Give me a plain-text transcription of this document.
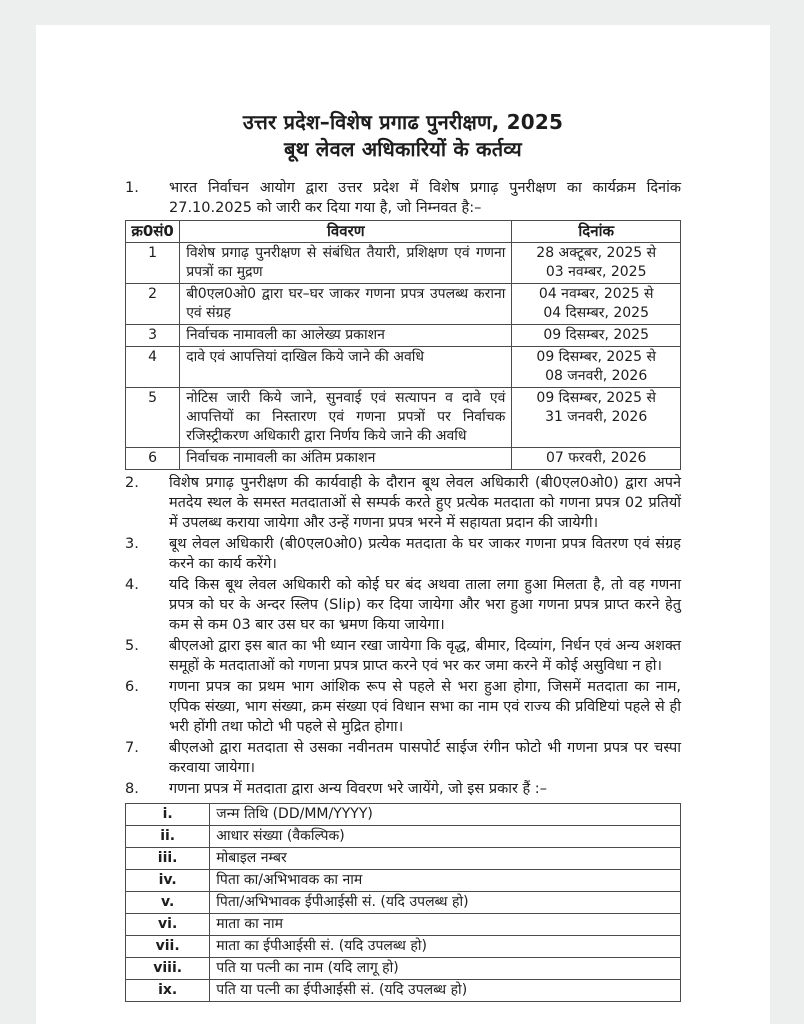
उत्तर प्रदेश–विशेष प्रगाढ पुनरीक्षण, 2025
बूथ लेवल अधिकारियों के कर्तव्य
1.	भारत निर्वाचन आयोग द्वारा उत्तर प्रदेश में विशेष प्रगाढ़ पुनरीक्षण का कार्यक्रम दिनांक 27.10.2025 को जारी कर दिया गया है, जो निम्नवत है:–
क्र0सं0	विवरण	दिनांक
1	विशेष प्रगाढ़ पुनरीक्षण से संबंधित तैयारी, प्रशिक्षण एवं गणना प्रपत्रों का मुद्रण	28 अक्टूबर, 2025 से
03 नवम्बर, 2025

2	बी0एल0ओ0 द्वारा घर–घर जाकर गणना प्रपत्र उपलब्ध कराना एवं संग्रह	04 नवम्बर, 2025 से
04 दिसम्बर, 2025

3	निर्वाचक नामावली का आलेख्य प्रकाशन	09 दिसम्बर, 2025

4	दावे एवं आपत्तियां दाखिल किये जाने की अवधि	09 दिसम्बर, 2025 से
08 जनवरी, 2026

5	नोटिस जारी किये जाने, सुनवाई एवं सत्यापन व दावे एवं आपत्तियों का निस्तारण एवं गणना प्रपत्रों पर निर्वाचक रजिस्ट्रीकरण अधिकारी द्वारा निर्णय किये जाने की अवधि	09 दिसम्बर, 2025 से
31 जनवरी, 2026

6	निर्वाचक नामावली का अंतिम प्रकाशन	07 फरवरी, 2026
2.	विशेष प्रगाढ़ पुनरीक्षण की कार्यवाही के दौरान बूथ लेवल अधिकारी (बी0एल0ओ0) द्वारा अपने मतदेय स्थल के समस्त मतदाताओं से सम्पर्क करते हुए प्रत्येक मतदाता को गणना प्रपत्र 02 प्रतियों में उपलब्ध कराया जायेगा और उन्हें गणना प्रपत्र भरने में सहायता प्रदान की जायेगी।
3.	बूथ लेवल अधिकारी (बी0एल0ओ0) प्रत्येक मतदाता के घर जाकर गणना प्रपत्र वितरण एवं संग्रह करने का कार्य करेंगे।
4.	यदि किस बूथ लेवल अधिकारी को कोई घर बंद अथवा ताला लगा हुआ मिलता है, तो वह गणना प्रपत्र को घर के अन्दर स्लिप (Slip) कर दिया जायेगा और भरा हुआ गणना प्रपत्र प्राप्त करने हेतु कम से कम 03 बार उस घर का भ्रमण किया जायेगा।
5.	बीएलओ द्वारा इस बात का भी ध्यान रखा जायेगा कि वृद्ध, बीमार, दिव्यांग, निर्धन एवं अन्य अशक्त समूहों के मतदाताओं को गणना प्रपत्र प्राप्त करने एवं भर कर जमा करने में कोई असुविधा न हो।
6.	गणना प्रपत्र का प्रथम भाग आंशिक रूप से पहले से भरा हुआ होगा, जिसमें मतदाता का नाम, एपिक संख्या, भाग संख्या, क्रम संख्या एवं विधान सभा का नाम एवं राज्य की प्रविष्टियां पहले से ही भरी होंगी तथा फोटो भी पहले से मुद्रित होगा।
7.	बीएलओ द्वारा मतदाता से उसका नवीनतम पासपोर्ट साईज रंगीन फोटो भी गणना प्रपत्र पर चस्पा करवाया जायेगा।
8.	गणना प्रपत्र में मतदाता द्वारा अन्य विवरण भरे जायेंगे, जो इस प्रकार हैं :–
i.	जन्म तिथि (DD/MM/YYYY)
ii.	आधार संख्या (वैकल्पिक)
iii.	मोबाइल नम्बर
iv.	पिता का/अभिभावक का नाम
v.	पिता/अभिभावक ईपीआईसी सं. (यदि उपलब्ध हो)
vi.	माता का नाम
vii.	माता का ईपीआईसी सं. (यदि उपलब्ध हो)
viii.	पति या पत्नी का नाम (यदि लागू हो)
ix.	पति या पत्नी का ईपीआईसी सं. (यदि उपलब्ध हो)
